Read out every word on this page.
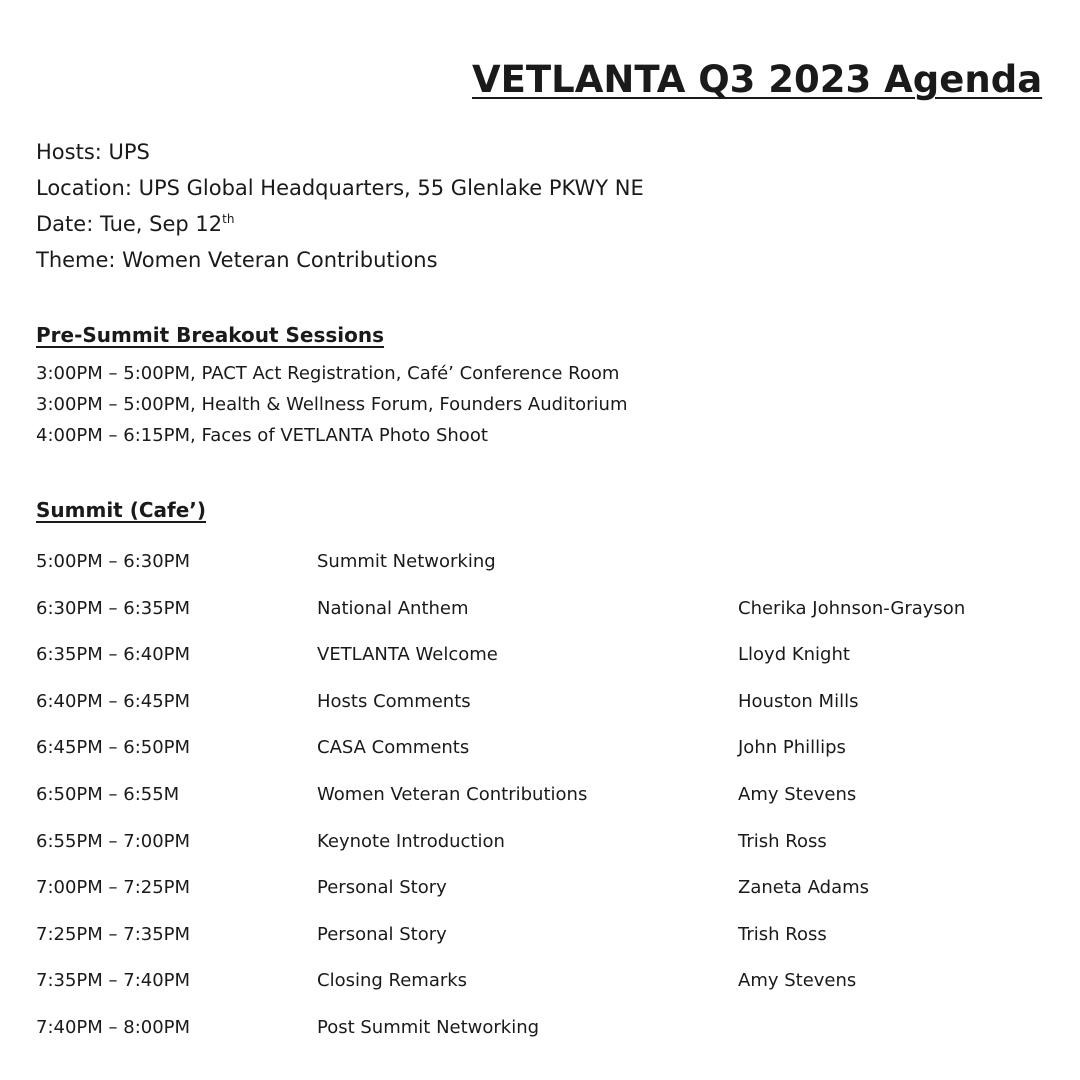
VETLANTA Q3 2023 Agenda
Hosts: UPS
Location: UPS Global Headquarters, 55 Glenlake PKWY NE
Date: Tue, Sep 12th
Theme: Women Veteran Contributions
Pre-Summit Breakout Sessions
3:00PM – 5:00PM, PACT Act Registration, Café’ Conference Room
3:00PM – 5:00PM, Health & Wellness Forum, Founders Auditorium
4:00PM – 6:15PM, Faces of VETLANTA Photo Shoot
Summit (Cafe’)
5:00PM – 6:30PM	Summit Networking
6:30PM – 6:35PM	National Anthem	Cherika Johnson-Grayson
6:35PM – 6:40PM	VETLANTA Welcome	Lloyd Knight
6:40PM – 6:45PM	Hosts Comments	Houston Mills
6:45PM – 6:50PM	CASA Comments	John Phillips
6:50PM – 6:55M	Women Veteran Contributions	Amy Stevens
6:55PM – 7:00PM	Keynote Introduction	Trish Ross
7:00PM – 7:25PM	Personal Story	Zaneta Adams
7:25PM – 7:35PM	Personal Story	Trish Ross
7:35PM – 7:40PM	Closing Remarks	Amy Stevens
7:40PM – 8:00PM	Post Summit Networking
